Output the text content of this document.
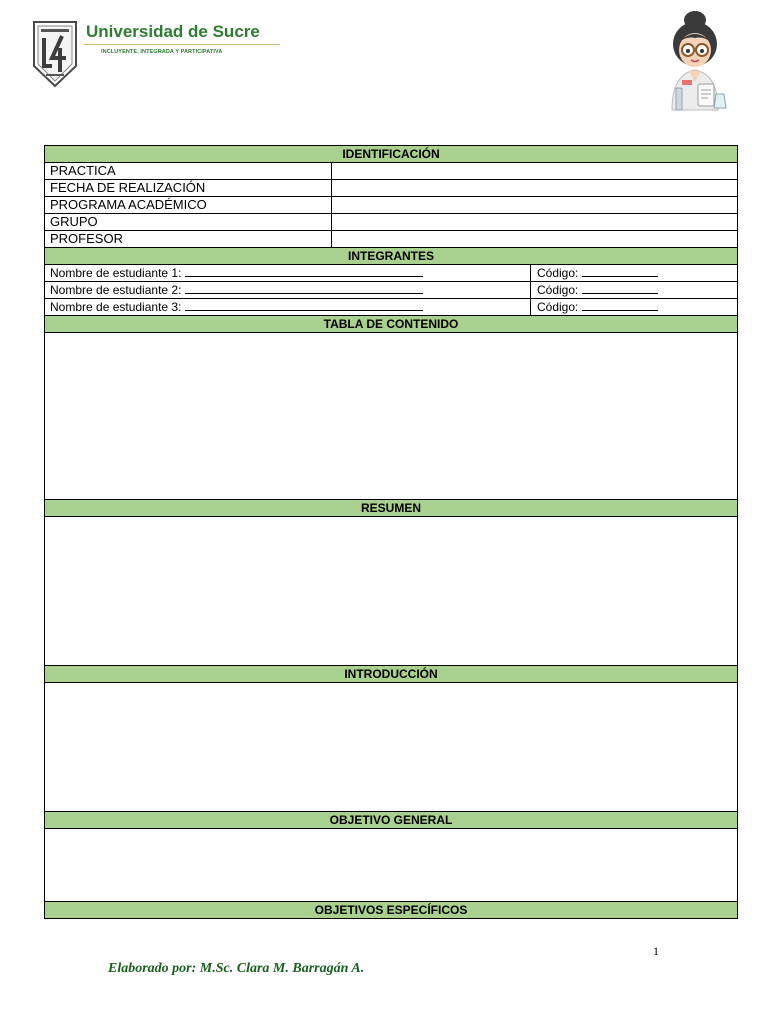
Universidad de Sucre
INCLUYENTE, INTEGRADA Y PARTICIPATIVA
IDENTIFICACIÓN
PRACTICA
FECHA DE REALIZACIÓN
PROGRAMA ACADÉMICO
GRUPO
PROFESOR
INTEGRANTES
Nombre de estudiante 1:	Código:
Nombre de estudiante 2:	Código:
Nombre de estudiante 3:	Código:
TABLA DE CONTENIDO
RESUMEN
INTRODUCCIÓN
OBJETIVO GENERAL
OBJETIVOS ESPECÍFICOS
1
Elaborado por: M.Sc. Clara M. Barragán A.
